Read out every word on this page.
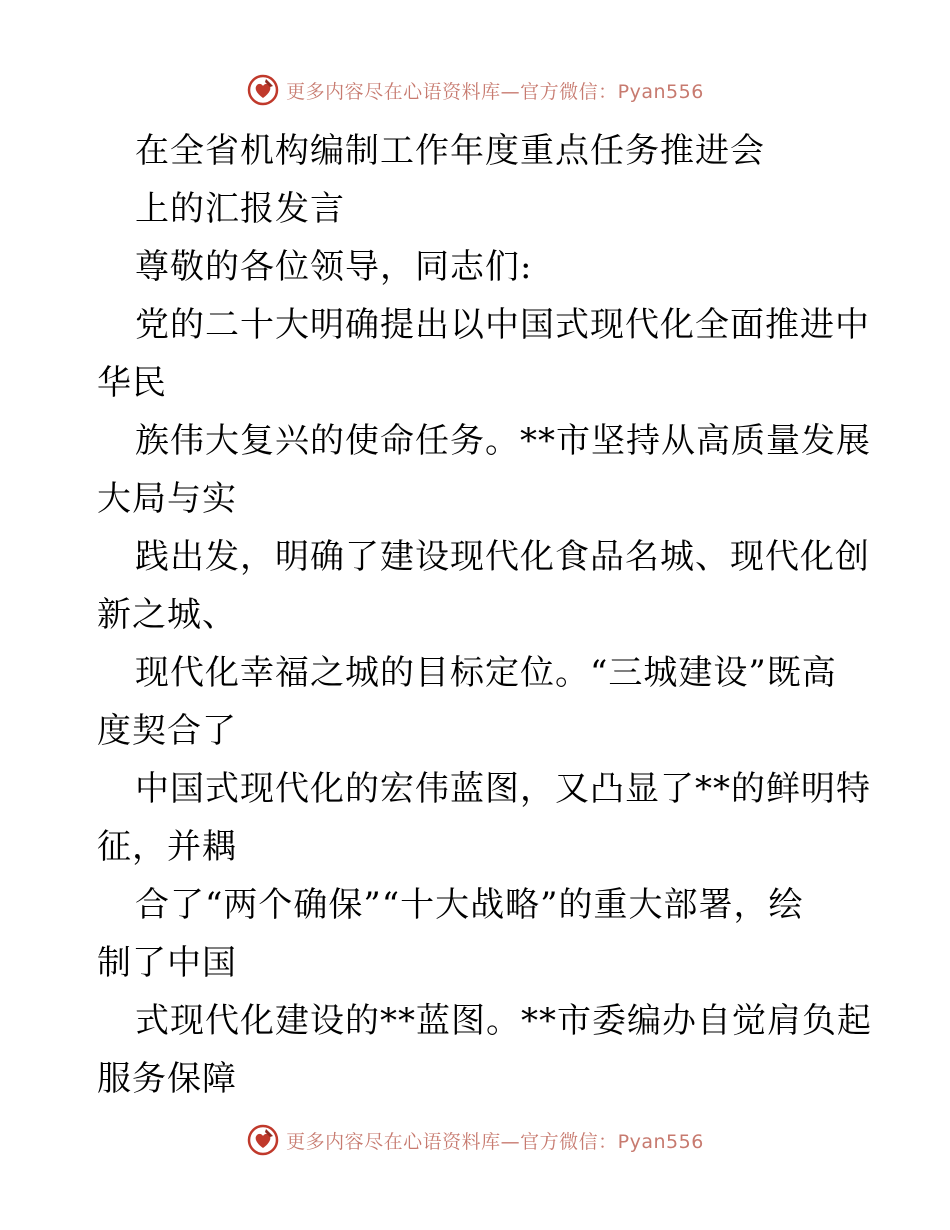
更多内容尽在心语资料库—官方微信：Pyan556
在全省机构编制工作年度重点任务推进会
上的汇报发言
尊敬的各位领导，同志们:
党的二十大明确提出以中国式现代化全面推进中
华民
族伟大复兴的使命任务。**市坚持从高质量发展
大局与实
践出发，明确了建设现代化食品名城、现代化创
新之城、
现代化幸福之城的目标定位。“三城建设”既高
度契合了
中国式现代化的宏伟蓝图，又凸显了**的鲜明特
征，并耦
合了“两个确保”“十大战略”的重大部署，绘
制了中国
式现代化建设的**蓝图。**市委编办自觉肩负起
服务保障
更多内容尽在心语资料库—官方微信：Pyan556
